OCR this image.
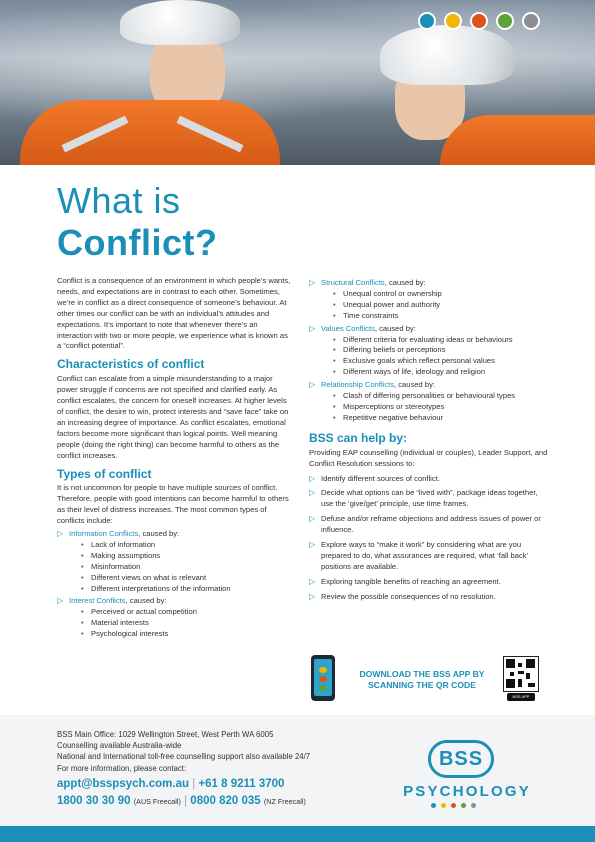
What is
Conflict?

Conflict is a consequence of an environment in which people’s wants, needs, and expectations are in contrast to each other. Sometimes, we’re in conflict as a direct consequence of someone’s behaviour. At other times our conflict can be with an individual’s attitudes and expectations. It’s important to note that whenever there’s an interaction with two or more people, we experience what is known as a “conflict potential”.

Characteristics of conflict

Conflict can escalate from a simple misunderstanding to a major power struggle if concerns are not specified and clarified early. As conflict escalates, the concern for oneself increases. At higher levels of conflict, the desire to win, protect interests and “save face” take on an increasing degree of importance. As conflict escalates, emotional factors become more significant than logical points. Well meaning people (doing the right thing) can become harmful to others as the conflict increases.

Types of conflict

It is not uncommon for people to have multiple sources of conflict. Therefore, people with good intentions can become harmful to others as their level of distress increases. The most common types of conflicts include:

▷ Information Conflicts, caused by:
• Lack of information
• Making assumptions
• Misinformation
• Different views on what is relevant
• Different interpretations of the information
▷ Interest Conflicts, caused by:
• Perceived or actual competition
• Material interests
• Psychological interests
▷ Structural Conflicts, caused by:
• Unequal control or ownership
• Unequal power and authority
• Time constraints
▷ Values Conflicts, caused by:
• Different criteria for evaluating ideas or behaviours
• Differing beliefs or perceptions
• Exclusive goals which reflect personal values
• Different ways of life, ideology and religion
▷ Relationship Conflicts, caused by:
• Clash of differing personalities or behavioural types
• Misperceptions or stereotypes
• Repetitive negative behaviour
BSS can help by:

Providing EAP counselling (individual or couples), Leader Support, and Conflict Resolution sessions to:

▷ Identify different sources of conflict.
▷ Decide what options can be “lived with”, package ideas together, use the ‘give/get’ principle, use time frames.
▷ Defuse and/or reframe objections and address issues of power or influence.
▷ Explore ways to “make it work” by considering what are you prepared to do, what assurances are required, what ‘fall back’ positions are available.
▷ Exploring tangible benefits of reaching an agreement.
▷ Review the possible consequences of no resolution.
DOWNLOAD THE BSS APP BY
SCANNING THE QR CODE
BSS APP
BSS Main Office: 1029 Wellington Street, West Perth WA 6005
Counselling available Australia-wide
National and International toll-free counselling support also available 24/7
For more information, please contact:
appt@bsspsych.com.au | +61 8 9211 3700
1800 30 30 90 (AUS Freecall) | 0800 820 035 (NZ Freecall)
BSS
PSYCHOLOGY
